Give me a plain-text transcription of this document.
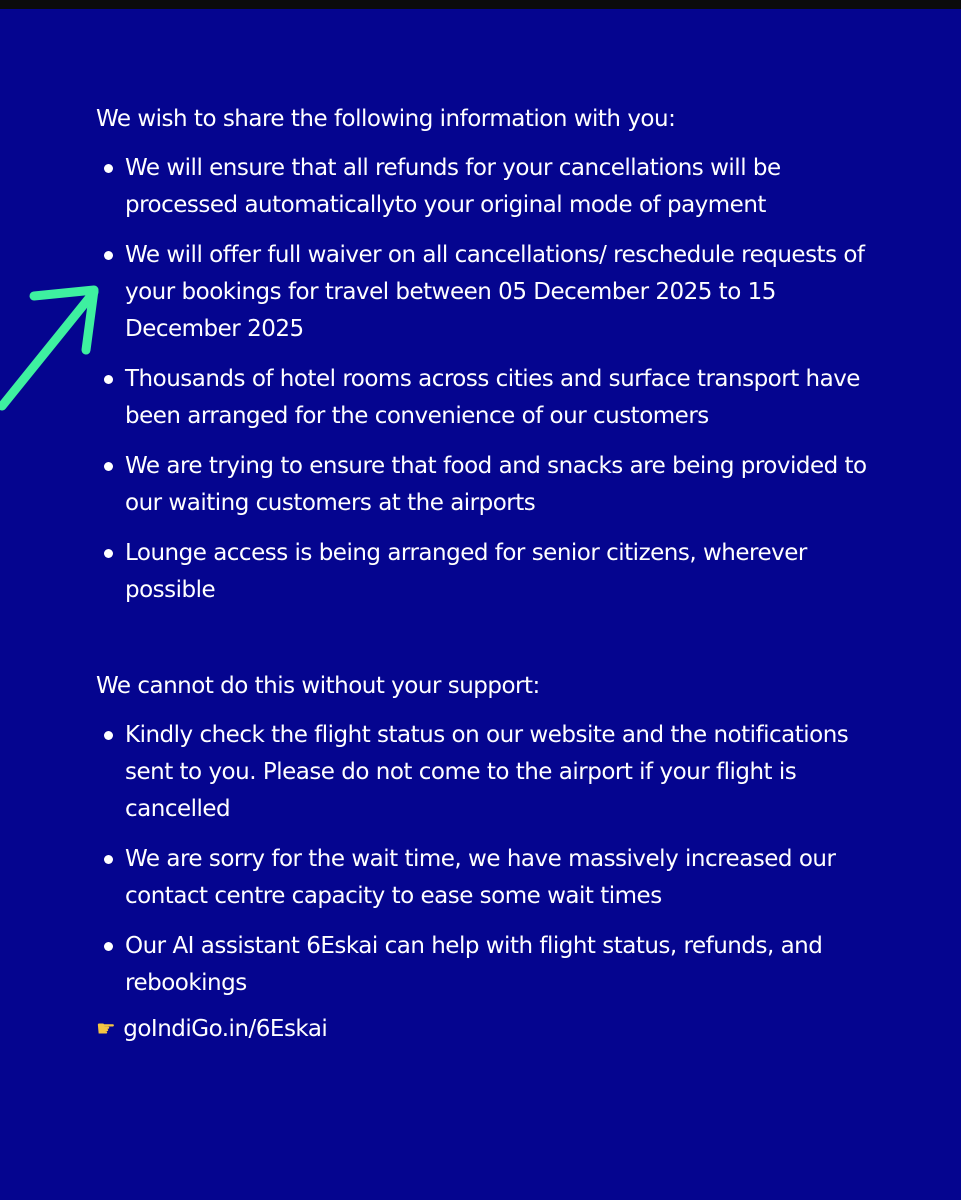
We wish to share the following information with you:

We will ensure that all refunds for your cancellations will be processed automaticallyto your original mode of payment
We will offer full waiver on all cancellations/ reschedule requests of your bookings for travel between 05 December 2025 to 15 December 2025
Thousands of hotel rooms across cities and surface transport have been arranged for the convenience of our customers
We are trying to ensure that food and snacks are being provided to our waiting customers at the airports
Lounge access is being arranged for senior citizens, wherever possible

We cannot do this without your support:

Kindly check the flight status on our website and the notifications sent to you. Please do not come to the airport if your flight is cancelled
We are sorry for the wait time, we have massively increased our contact centre capacity to ease some wait times
Our AI assistant 6Eskai can help with flight status, refunds, and rebookings
☛ goIndiGo.in/6Eskai
